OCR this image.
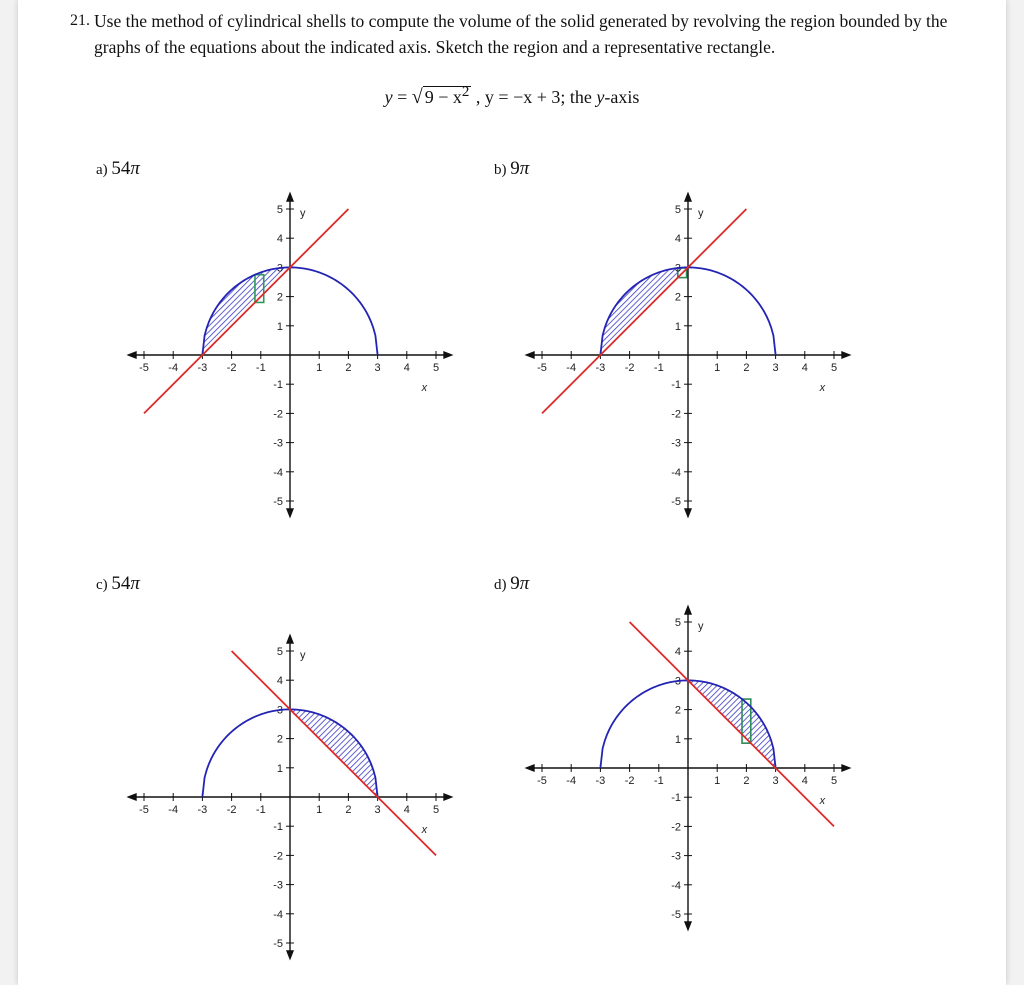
21. Use the method of cylindrical shells to compute the volume of the solid generated by revolving the region bounded by the graphs of the equations about the indicated axis. Sketch the region and a representative rectangle.
y = √ $9 - x^2$ , y = −x + 3; the y-axis
a) 54π	b) 9π
c) 54π	d) 9π
-5 -4 -3 -2 -1	1 2 3 4 5
5
4
3
2
1
-1
-2
-3
-4
-5
x
y
-5 -4 -3 -2 -1	1 2 3 4 5
5
4
3
2
1
-1
-2
-3
-4
-5
x
y
-5 -4 -3 -2 -1	1 2 3 4 5
5
4
3
2
1
-1
-2
-3
-4
-5
x
y
-5 -4 -3 -2 -1	1 2 3 4 5
5
4
3
2
1
-1
-2
-3
-4
-5
x
y
